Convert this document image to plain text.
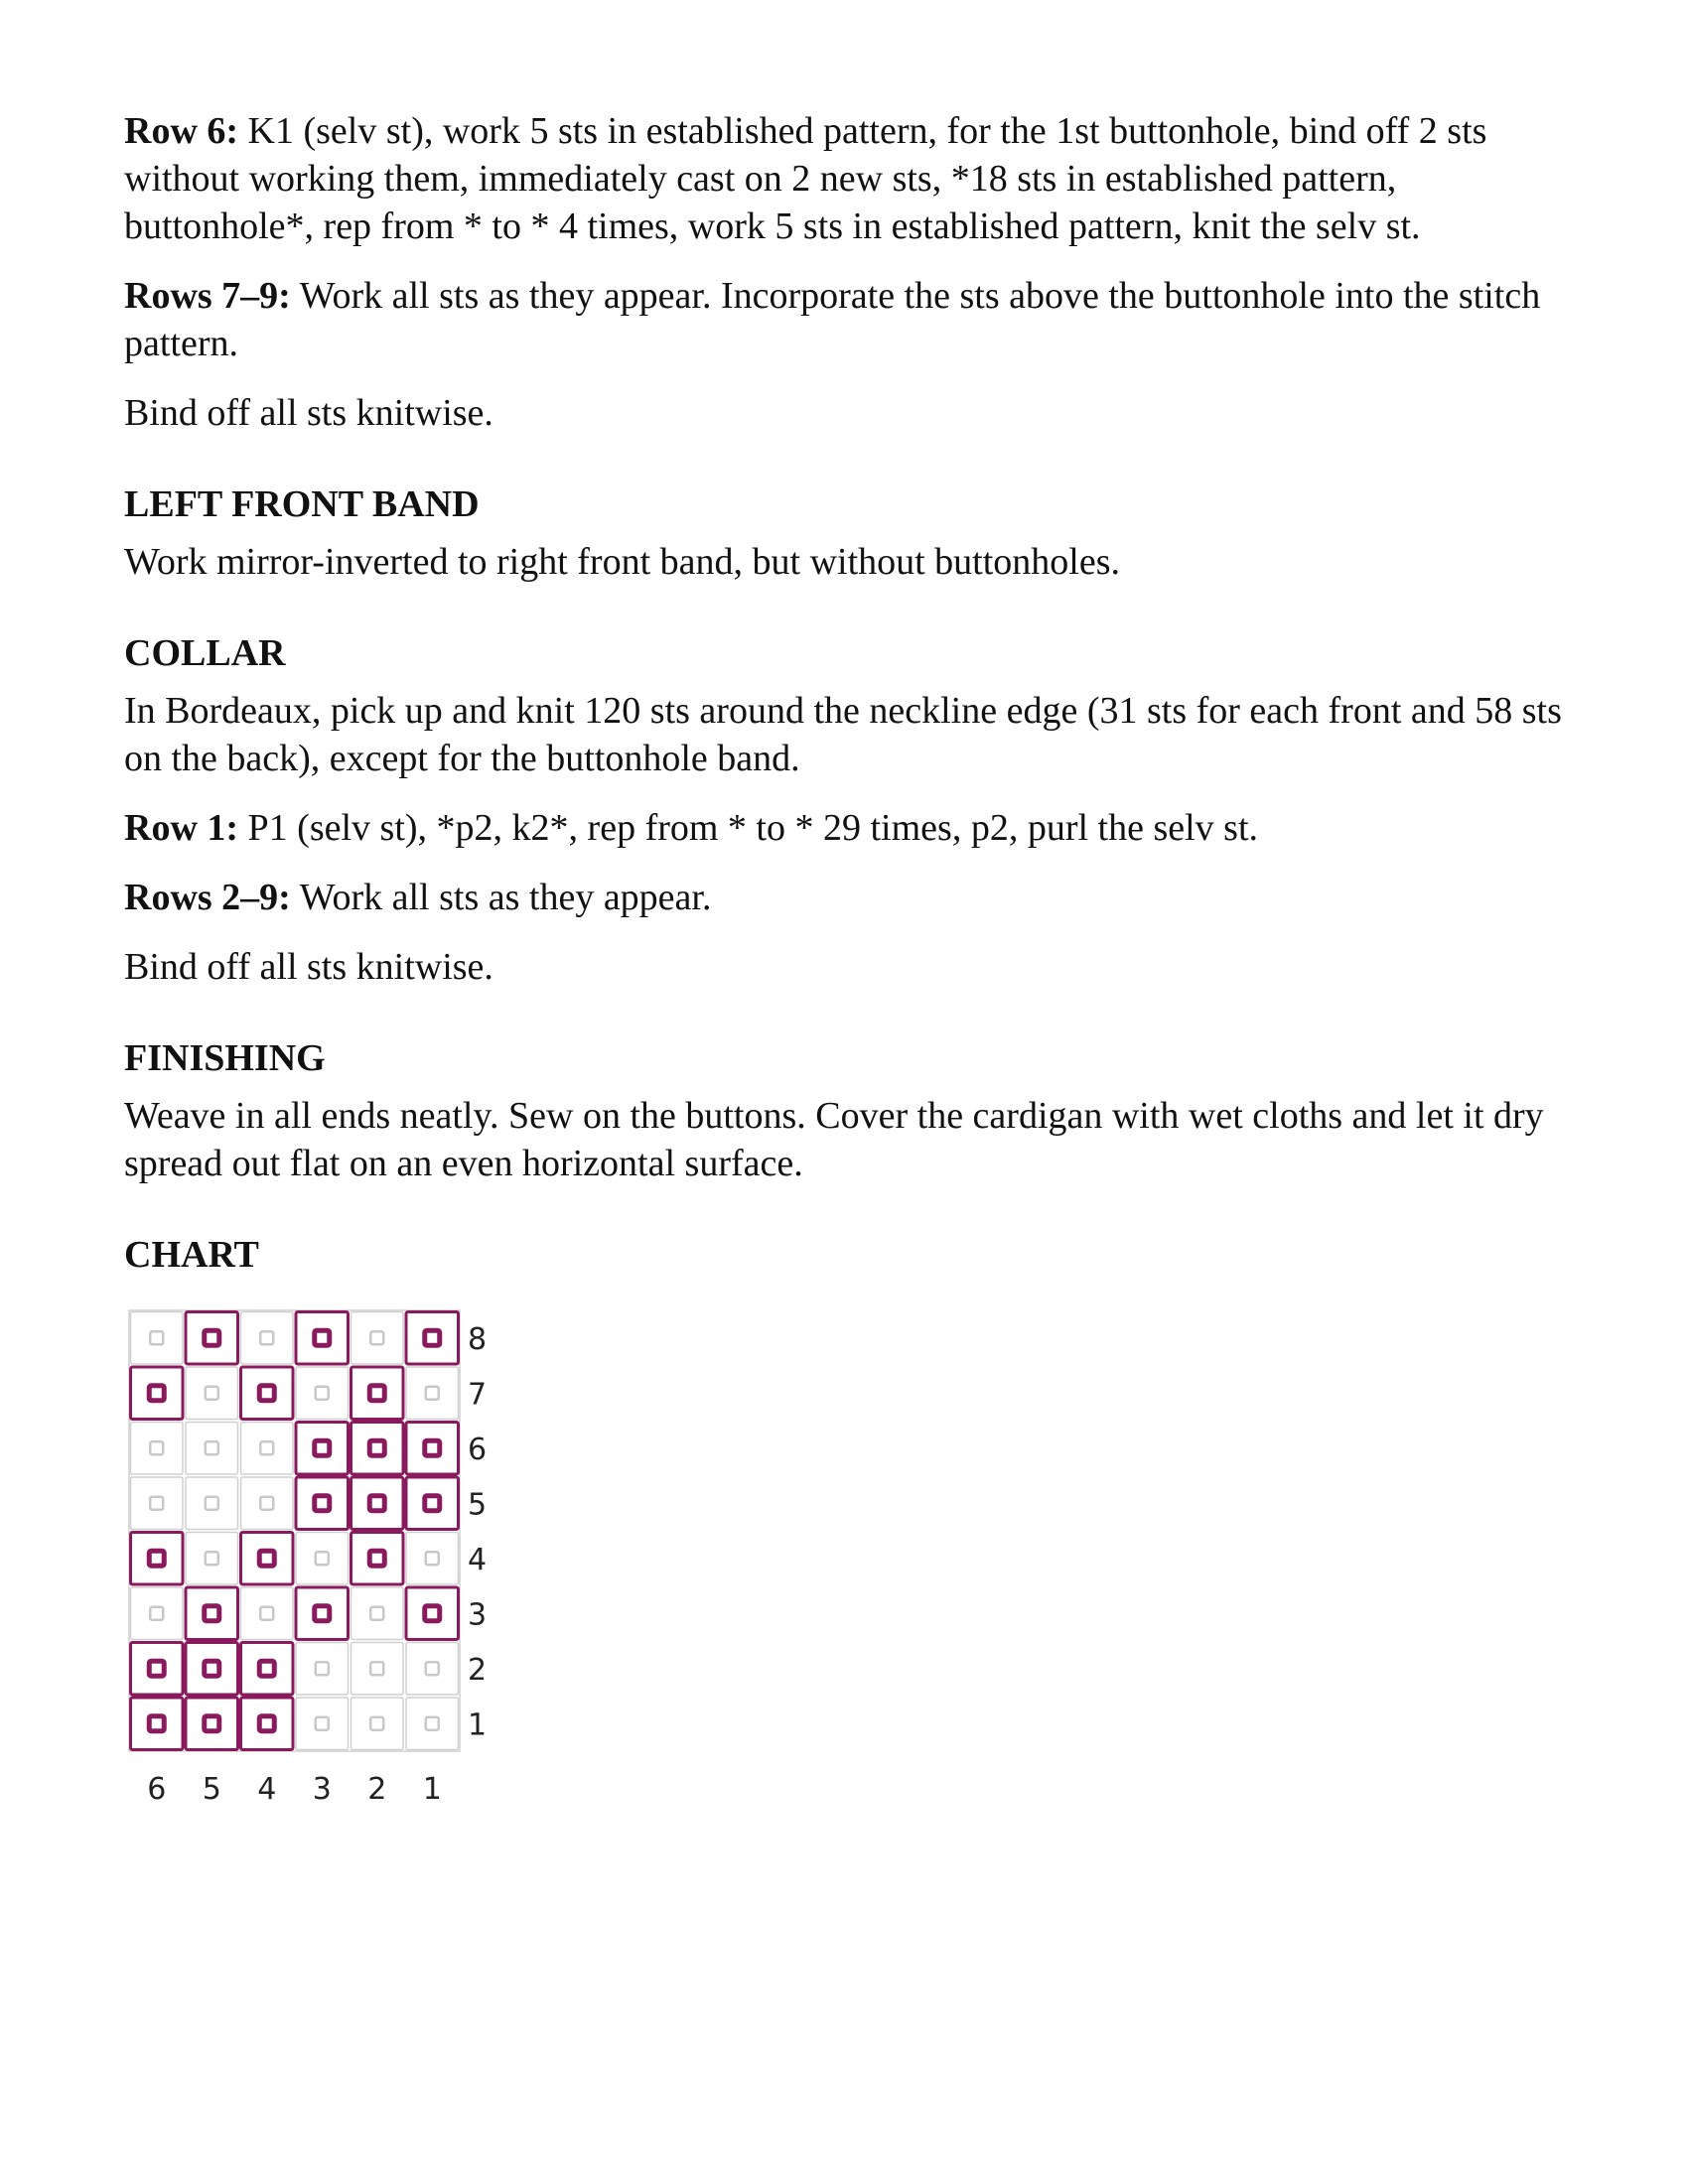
Row 6: K1 (selv st), work 5 sts in established pattern, for the 1st buttonhole, bind off 2 sts without working them, immediately cast on 2 new sts, *18 sts in established pattern, buttonhole*, rep from * to * 4 times, work 5 sts in established pattern, knit the selv st.

Rows 7–9: Work all sts as they appear. Incorporate the sts above the buttonhole into the stitch pattern.

Bind off all sts knitwise.

LEFT FRONT BAND

Work mirror-inverted to right front band, but without buttonholes.

COLLAR

In Bordeaux, pick up and knit 120 sts around the neckline edge (31 sts for each front and 58 sts on the back), except for the buttonhole band.

Row 1: P1 (selv st), *p2, k2*, rep from * to * 29 times, p2, purl the selv st.

Rows 2–9: Work all sts as they appear.

Bind off all sts knitwise.

FINISHING

Weave in all ends neatly. Sew on the buttons. Cover the cardigan with wet cloths and let it dry spread out flat on an even horizontal surface.

CHART
8
7
6
5
4
3
2
1
6 5 4 3 2 1
